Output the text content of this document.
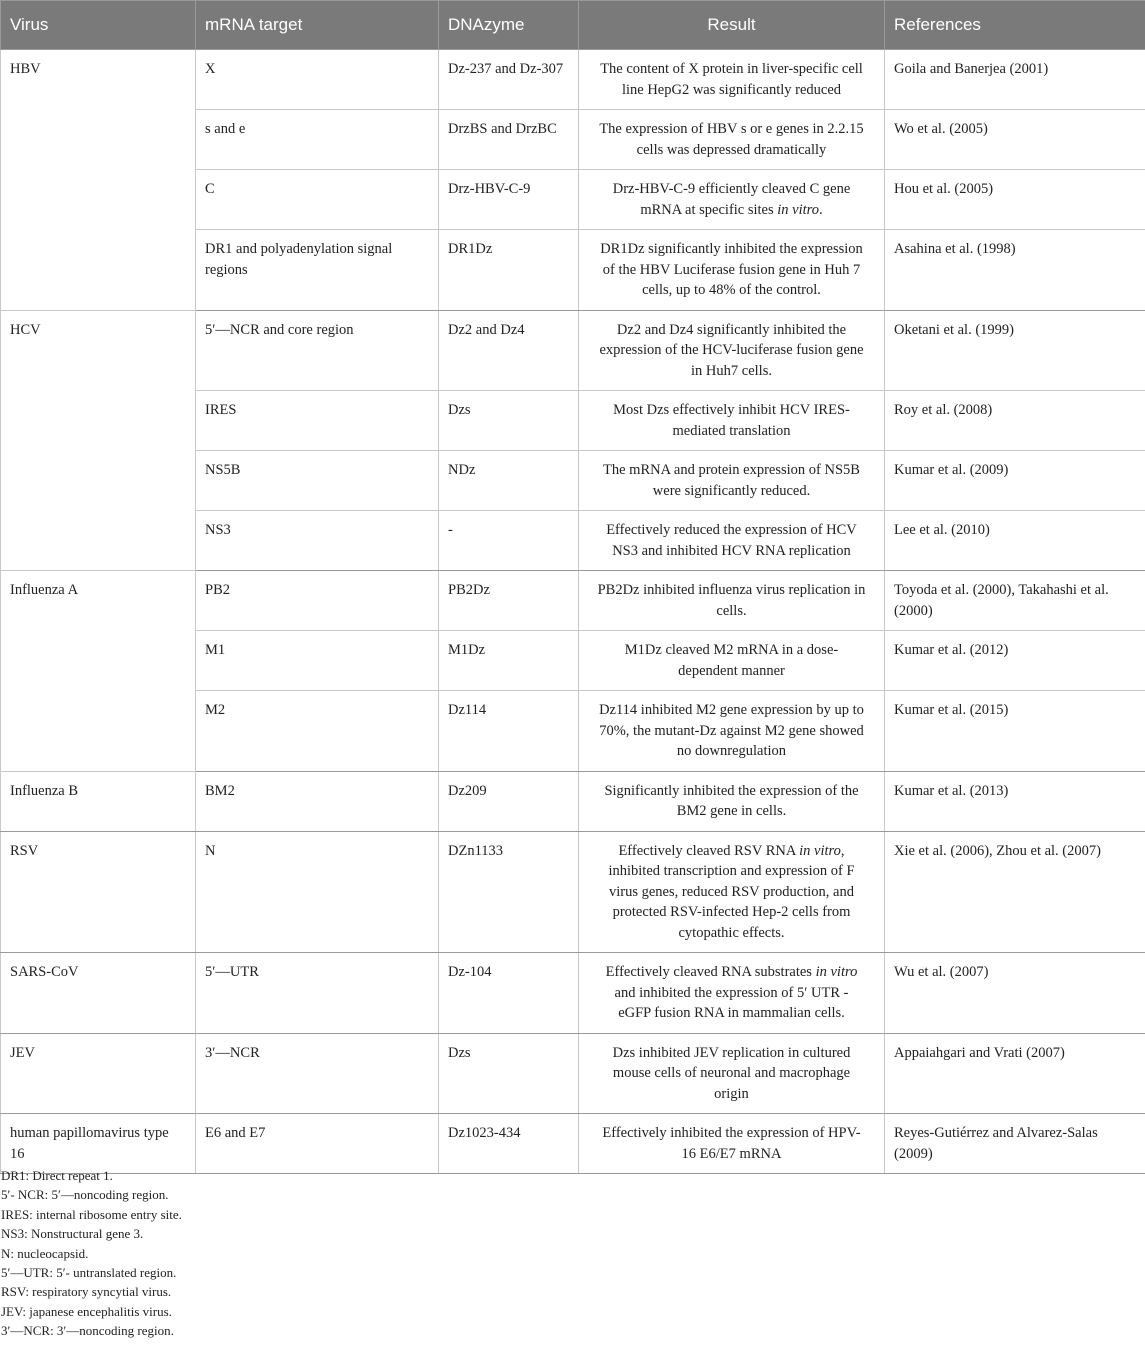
Virus	mRNA target	DNAzyme	Result	References
HBV	X	Dz-237 and Dz-307	The content of X protein in liver-specific cell line HepG2 was significantly reduced	Goila and Banerjea (2001)
	s and e	DrzBS and DrzBC	The expression of HBV s or e genes in 2.2.15 cells was depressed dramatically	Wo et al. (2005)
	C	Drz-HBV-C-9	Drz-HBV-C-9 efficiently cleaved C gene mRNA at specific sites in vitro.	Hou et al. (2005)
	DR1 and polyadenylation signal regions	DR1Dz	DR1Dz significantly inhibited the expression of the HBV Luciferase fusion gene in Huh 7 cells, up to 48% of the control.	Asahina et al. (1998)
HCV	5′—NCR and core region	Dz2 and Dz4	Dz2 and Dz4 significantly inhibited the expression of the HCV-luciferase fusion gene in Huh7 cells.	Oketani et al. (1999)
	IRES	Dzs	Most Dzs effectively inhibit HCV IRES-mediated translation	Roy et al. (2008)
	NS5B	NDz	The mRNA and protein expression of NS5B were significantly reduced.	Kumar et al. (2009)
	NS3	-	Effectively reduced the expression of HCV NS3 and inhibited HCV RNA replication	Lee et al. (2010)
Influenza A	PB2	PB2Dz	PB2Dz inhibited influenza virus replication in cells.	Toyoda et al. (2000), Takahashi et al. (2000)
	M1	M1Dz	M1Dz cleaved M2 mRNA in a dose-dependent manner	Kumar et al. (2012)
	M2	Dz114	Dz114 inhibited M2 gene expression by up to 70%, the mutant-Dz against M2 gene showed no downregulation	Kumar et al. (2015)
Influenza B	BM2	Dz209	Significantly inhibited the expression of the BM2 gene in cells.	Kumar et al. (2013)
RSV	N	DZn1133	Effectively cleaved RSV RNA in vitro, inhibited transcription and expression of F virus genes, reduced RSV production, and protected RSV-infected Hep-2 cells from cytopathic effects.	Xie et al. (2006), Zhou et al. (2007)
SARS-CoV	5′—UTR	Dz-104	Effectively cleaved RNA substrates in vitro and inhibited the expression of 5′ UTR - eGFP fusion RNA in mammalian cells.	Wu et al. (2007)
JEV	3′—NCR	Dzs	Dzs inhibited JEV replication in cultured mouse cells of neuronal and macrophage origin	Appaiahgari and Vrati (2007)
human papillomavirus type 16	E6 and E7	Dz1023-434	Effectively inhibited the expression of HPV-16 E6/E7 mRNA	Reyes-Gutiérrez and Alvarez-Salas (2009)
DR1: Direct repeat 1.
5′- NCR: 5′—noncoding region.
IRES: internal ribosome entry site.
NS3: Nonstructural gene 3.
N: nucleocapsid.
5′—UTR: 5′- untranslated region.
RSV: respiratory syncytial virus.
JEV: japanese encephalitis virus.
3′—NCR: 3′—noncoding region.
